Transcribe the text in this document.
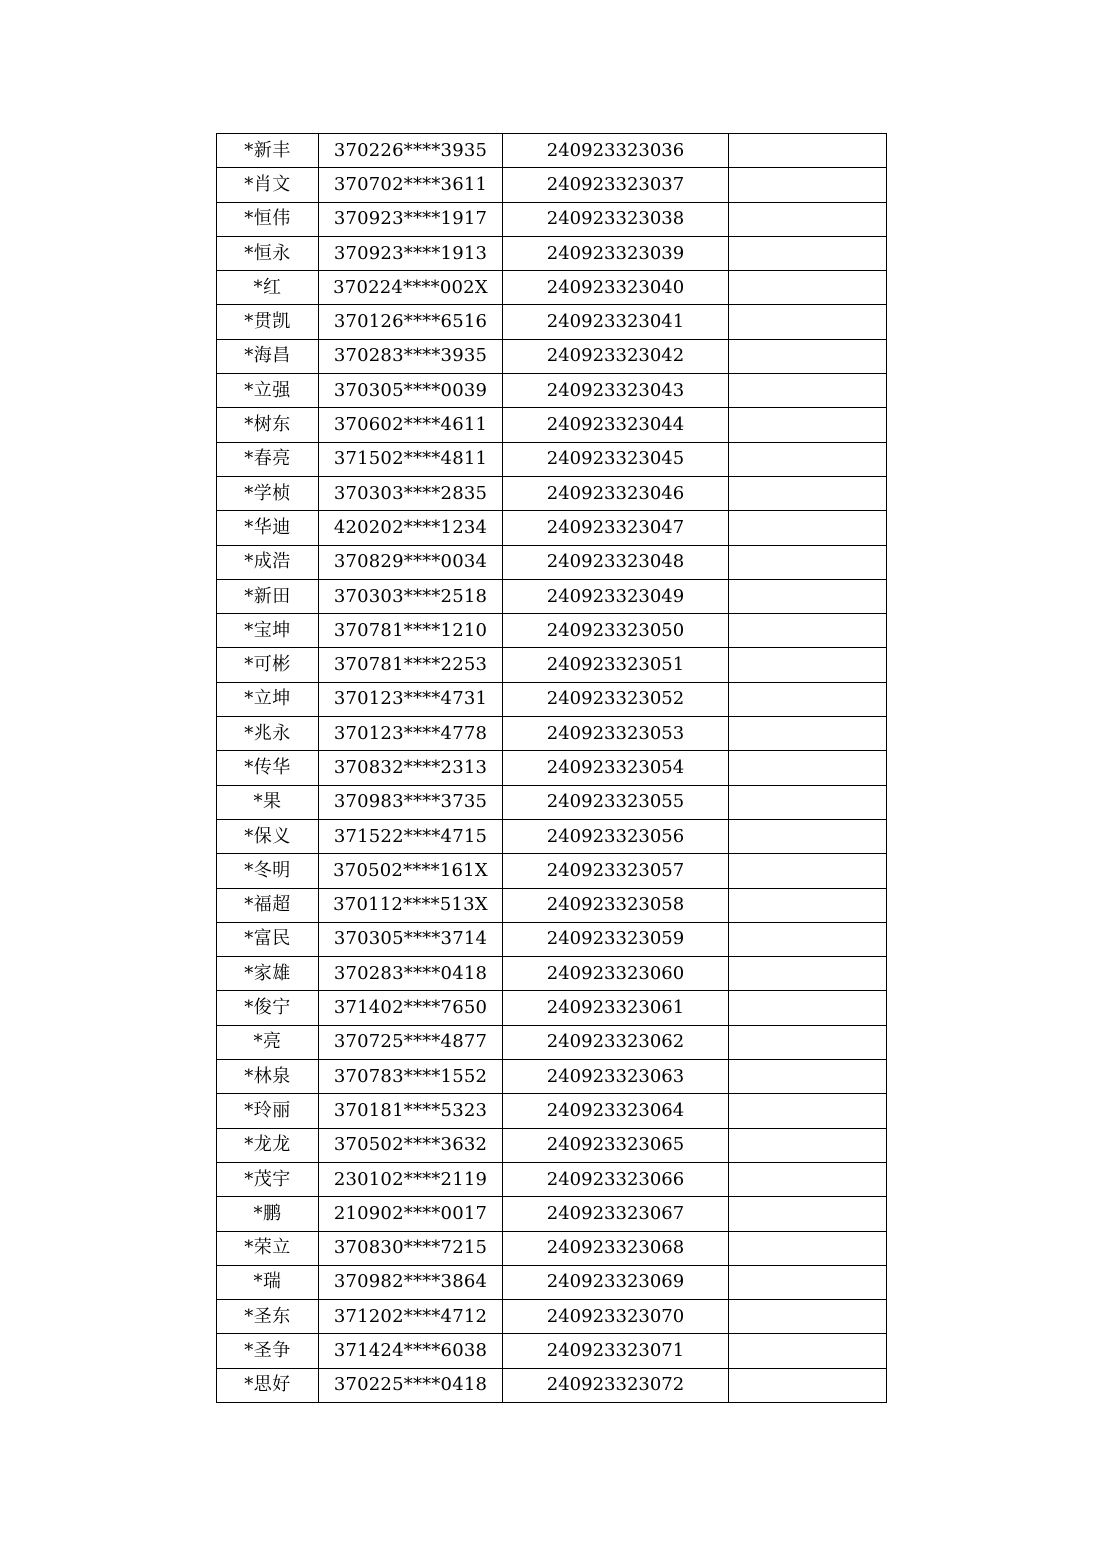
*新丰	370226****3935	240923323036	
*肖文	370702****3611	240923323037	
*恒伟	370923****1917	240923323038	
*恒永	370923****1913	240923323039	
*红	370224****002X	240923323040	
*贯凯	370126****6516	240923323041	
*海昌	370283****3935	240923323042	
*立强	370305****0039	240923323043	
*树东	370602****4611	240923323044	
*春亮	371502****4811	240923323045	
*学桢	370303****2835	240923323046	
*华迪	420202****1234	240923323047	
*成浩	370829****0034	240923323048	
*新田	370303****2518	240923323049	
*宝坤	370781****1210	240923323050	
*可彬	370781****2253	240923323051	
*立坤	370123****4731	240923323052	
*兆永	370123****4778	240923323053	
*传华	370832****2313	240923323054	
*果	370983****3735	240923323055	
*保义	371522****4715	240923323056	
*冬明	370502****161X	240923323057	
*福超	370112****513X	240923323058	
*富民	370305****3714	240923323059	
*家雄	370283****0418	240923323060	
*俊宁	371402****7650	240923323061	
*亮	370725****4877	240923323062	
*林泉	370783****1552	240923323063	
*玲丽	370181****5323	240923323064	
*龙龙	370502****3632	240923323065	
*茂宇	230102****2119	240923323066	
*鹏	210902****0017	240923323067	
*荣立	370830****7215	240923323068	
*瑞	370982****3864	240923323069	
*圣东	371202****4712	240923323070	
*圣争	371424****6038	240923323071	
*思好	370225****0418	240923323072	
